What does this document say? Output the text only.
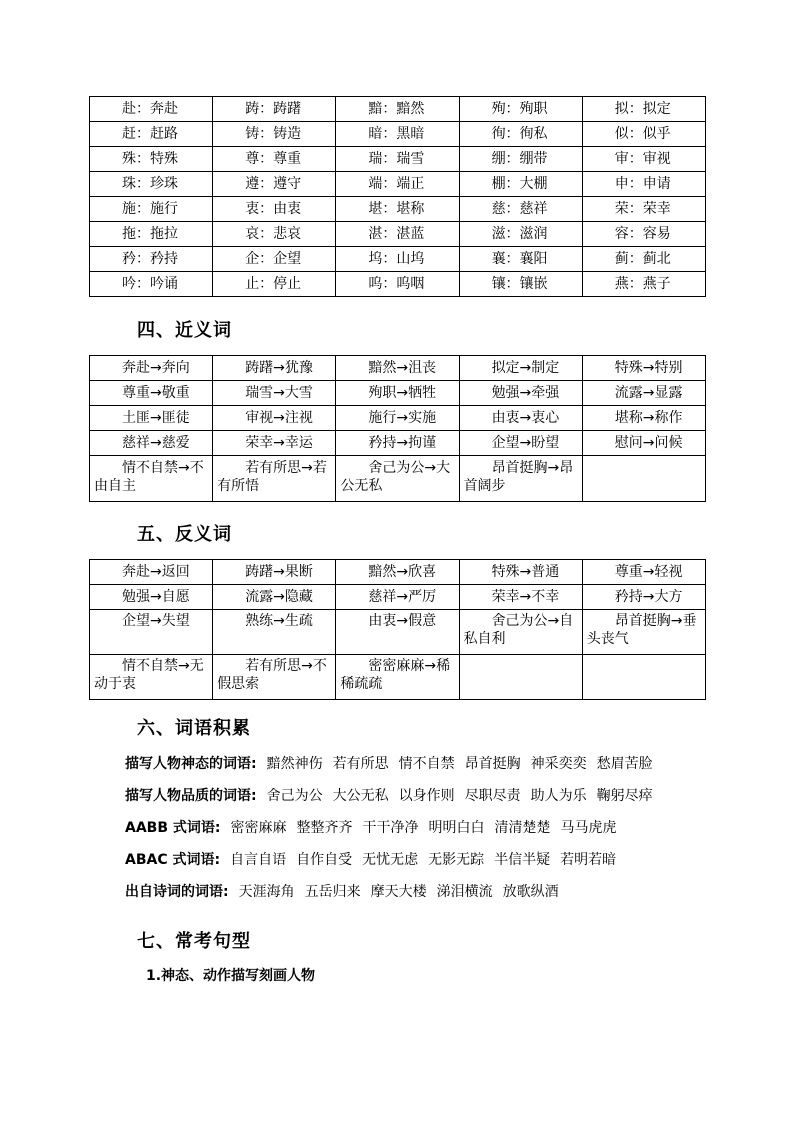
赴：奔赴	踌：踌躇	黯：黯然	殉：殉职	拟：拟定
赶：赶路	铸：铸造	暗：黑暗	徇：徇私	似：似乎
殊：特殊	尊：尊重	瑞：瑞雪	绷：绷带	审：审视
珠：珍珠	遵：遵守	端：端正	棚：大棚	申：申请
施：施行	衷：由衷	堪：堪称	慈：慈祥	荣：荣幸
拖：拖拉	哀：悲哀	湛：湛蓝	滋：滋润	容：容易
矜：矜持	企：企望	坞：山坞	襄：襄阳	蓟：蓟北
吟：吟诵	止：停止	呜：呜咽	镶：镶嵌	燕：燕子
四、近义词
奔赴→奔向	踌躇→犹豫	黯然→沮丧	拟定→制定	特殊→特别
尊重→敬重	瑞雪→大雪	殉职→牺牲	勉强→牵强	流露→显露
土匪→匪徒	审视→注视	施行→实施	由衷→衷心	堪称→称作
慈祥→慈爱	荣幸→幸运	矜持→拘谨	企望→盼望	慰问→问候
情不自禁→不由自主	若有所思→若有所悟	舍己为公→大公无私	昂首挺胸→昂首阔步	
五、反义词
奔赴→返回	踌躇→果断	黯然→欣喜	特殊→普通	尊重→轻视
勉强→自愿	流露→隐藏	慈祥→严厉	荣幸→不幸	矜持→大方
企望→失望	熟练→生疏	由衷→假意	舍己为公→自私自利	昂首挺胸→垂头丧气
情不自禁→无动于衷	若有所思→不假思索	密密麻麻→稀稀疏疏		
六、词语积累
描写人物神态的词语: 黯然神伤 若有所思 情不自禁 昂首挺胸 神采奕奕 愁眉苦脸
描写人物品质的词语: 舍己为公 大公无私 以身作则 尽职尽责 助人为乐 鞠躬尽瘁
AABB 式词语: 密密麻麻 整整齐齐 干干净净 明明白白 清清楚楚 马马虎虎
ABAC 式词语: 自言自语 自作自受 无忧无虑 无影无踪 半信半疑 若明若暗
出自诗词的词语: 天涯海角 五岳归来 摩天大楼 涕泪横流 放歌纵酒
七、常考句型
1.神态、动作描写刻画人物
